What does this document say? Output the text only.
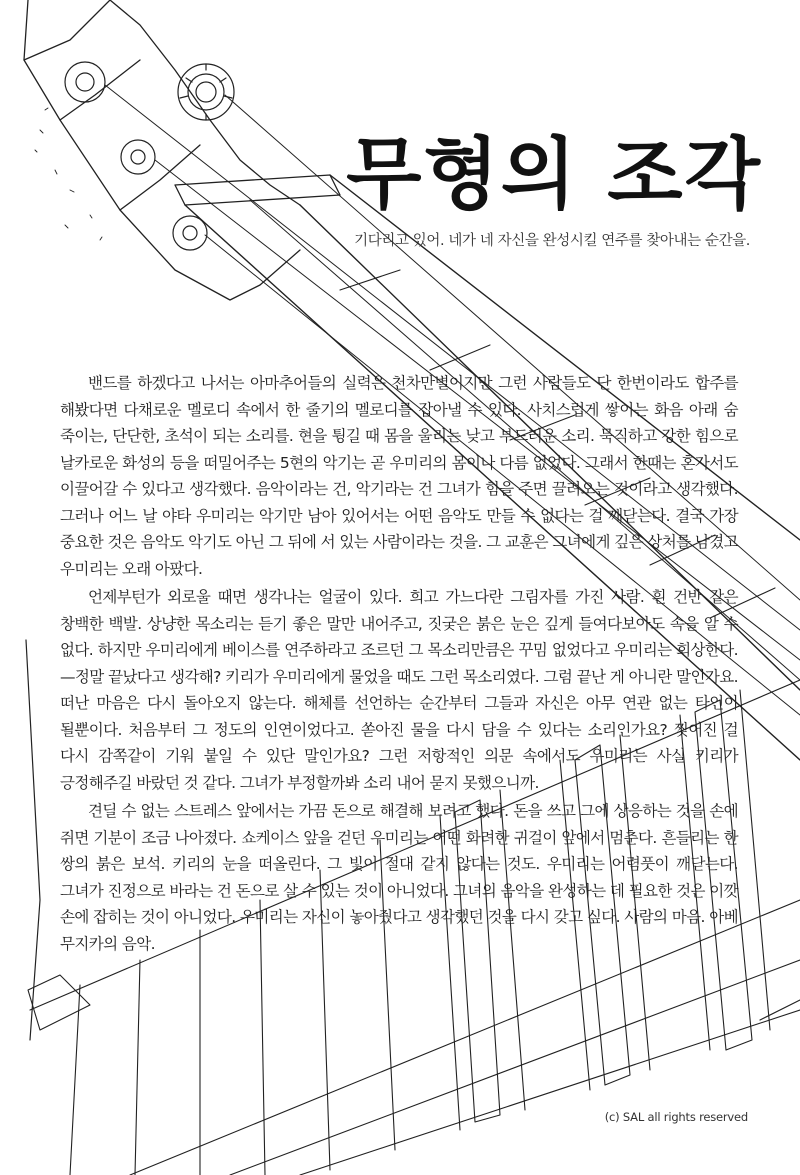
무형의 조각

기다리고 있어. 네가 네 자신을 완성시킬 연주를 찾아내는 순간을.

밴드를 하겠다고 나서는 아마추어들의 실력은 천차만별이지만 그런 사람들도 단 한번이라도 합주를 해봤다면 다채로운 멜로디 속에서 한 줄기의 멜로디를 잡아낼 수 있다. 사치스럽게 쌓이는 화음 아래 숨 죽이는, 단단한, 초석이 되는 소리를. 현을 튕길 때 몸을 울리는 낮고 부드러운 소리. 묵직하고 강한 힘으로 날카로운 화성의 등을 떠밀어주는 5현의 악기는 곧 우미리의 몸이나 다름 없었다. 그래서 한때는 혼자서도 이끌어갈 수 있다고 생각했다. 음악이라는 건, 악기라는 건 그녀가 힘을 주면 끌려오는 것이라고 생각했다. 그러나 어느 날 야타 우미리는 악기만 남아 있어서는 어떤 음악도 만들 수 없다는 걸 깨닫는다. 결국 가장 중요한 것은 음악도 악기도 아닌 그 뒤에 서 있는 사람이라는 것을. 그 교훈은 그녀에게 깊은 상처를 남겼고 우미리는 오래 아팠다.

언제부턴가 외로울 때면 생각나는 얼굴이 있다. 희고 가느다란 그림자를 가진 사람. 흰 건반 같은 창백한 백발. 상냥한 목소리는 듣기 좋은 말만 내어주고, 짓궂은 붉은 눈은 깊게 들여다보아도 속을 알 수 없다. 하지만 우미리에게 베이스를 연주하라고 조르던 그 목소리만큼은 꾸밈 없었다고 우미리는 회상한다. —정말 끝났다고 생각해? 키리가 우미리에게 물었을 때도 그런 목소리였다. 그럼 끝난 게 아니란 말인가요. 떠난 마음은 다시 돌아오지 않는다. 해체를 선언하는 순간부터 그들과 자신은 아무 연관 없는 타인이 될뿐이다. 처음부터 그 정도의 인연이었다고. 쏟아진 물을 다시 담을 수 있다는 소리인가요? 찢어진 걸 다시 감쪽같이 기워 붙일 수 있단 말인가요? 그런 저항적인 의문 속에서도 우미리는 사실 키리가 긍정해주길 바랐던 것 같다. 그녀가 부정할까봐 소리 내어 묻지 못했으니까.

견딜 수 없는 스트레스 앞에서는 가끔 돈으로 해결해 보려고 했다. 돈을 쓰고 그에 상응하는 것을 손에 쥐면 기분이 조금 나아졌다. 쇼케이스 앞을 걷던 우미리는 어떤 화려한 귀걸이 앞에서 멈춘다. 흔들리는 한 쌍의 붉은 보석. 키리의 눈을 떠올린다. 그 빛이 절대 같지 않다는 것도. 우미리는 어렴풋이 깨닫는다. 그녀가 진정으로 바라는 건 돈으로 살 수 있는 것이 아니었다. 그녀의 음악을 완성하는 데 필요한 것은 이깟 손에 잡히는 것이 아니었다. 우미리는 자신이 놓아줬다고 생각했던 것을 다시 갖고 싶다. 사람의 마음. 아베 무지카의 음악.

(c) SAL all rights reserved
